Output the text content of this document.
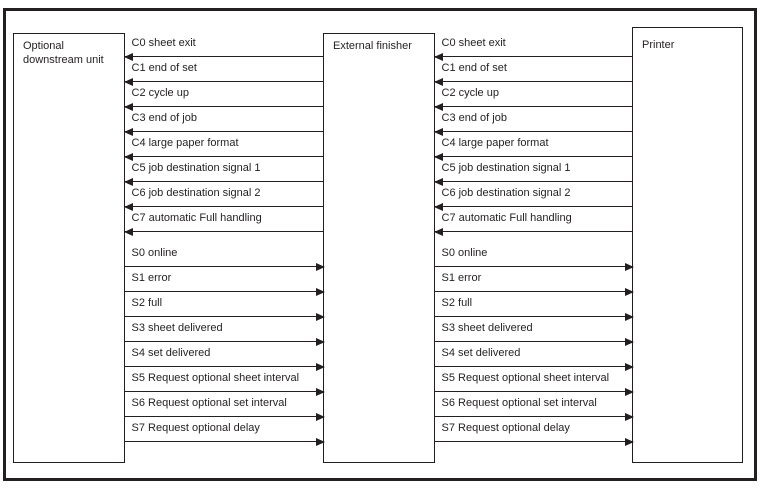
Optional downstream unit
External finisher	Printer
C0 sheet exit
C1 end of set
C2 cycle up
C3 end of job
C4 large paper format
C5 job destination signal 1
C6 job destination signal 2
C7 automatic Full handling
S0 online
S1 error
S2 full
S3 sheet delivered
S4 set delivered
S5 Request optional sheet interval
S6 Request optional set interval
S7 Request optional delay
C0 sheet exit
C1 end of set
C2 cycle up
C3 end of job
C4 large paper format
C5 job destination signal 1
C6 job destination signal 2
C7 automatic Full handling
S0 online
S1 error
S2 full
S3 sheet delivered
S4 set delivered
S5 Request optional sheet interval
S6 Request optional set interval
S7 Request optional delay
